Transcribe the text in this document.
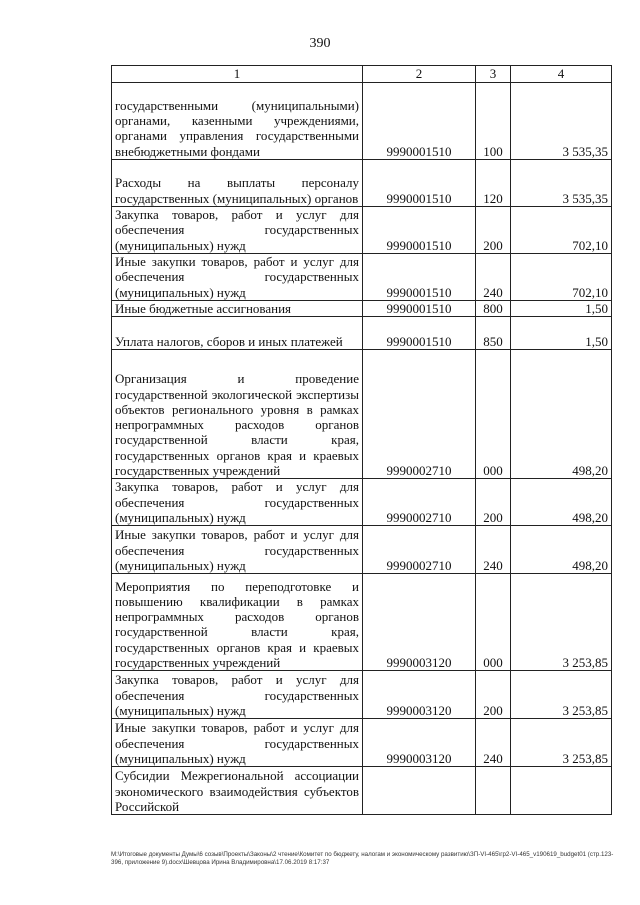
390
1	2	3	4
государственными (муниципальными) органами, казенными учреждениями, органами управления государственными внебюджетными фондами	9990001510	100	3 535,35
Расходы на выплаты персоналу государственных (муниципальных) органов	9990001510	120	3 535,35
Закупка товаров, работ и услуг для обеспечения государственных (муниципальных) нужд	9990001510	200	702,10
Иные закупки товаров, работ и услуг для обеспечения государственных (муниципальных) нужд	9990001510	240	702,10
Иные бюджетные ассигнования	9990001510	800	1,50
Уплата налогов, сборов и иных платежей	9990001510	850	1,50
Организация и проведение государственной экологической экспертизы объектов регионального уровня в рамках непрограммных расходов органов государственной власти края, государственных органов края и краевых государственных учреждений	9990002710	000	498,20
Закупка товаров, работ и услуг для обеспечения государственных (муниципальных) нужд	9990002710	200	498,20
Иные закупки товаров, работ и услуг для обеспечения государственных (муниципальных) нужд	9990002710	240	498,20
Мероприятия по переподготовке и повышению квалификации в рамках непрограммных расходов органов государственной власти края, государственных органов края и краевых государственных учреждений	9990003120	000	3 253,85
Закупка товаров, работ и услуг для обеспечения государственных (муниципальных) нужд	9990003120	200	3 253,85
Иные закупки товаров, работ и услуг для обеспечения государственных (муниципальных) нужд	9990003120	240	3 253,85
Субсидии Межрегиональной ассоциации экономического взаимодействия субъектов Российской			
M:\Итоговые документы Думы\6 созыв\Проекты\Законы\2 чтение\Комитет по бюджету, налогам и экономическому развитию\ЗП-VI-465\гр2-VI-465_v190619_budget01 (стр.123-396, приложение 9).docx\Шевцова Ирина Владимировна\17.06.2019 8:17:37
